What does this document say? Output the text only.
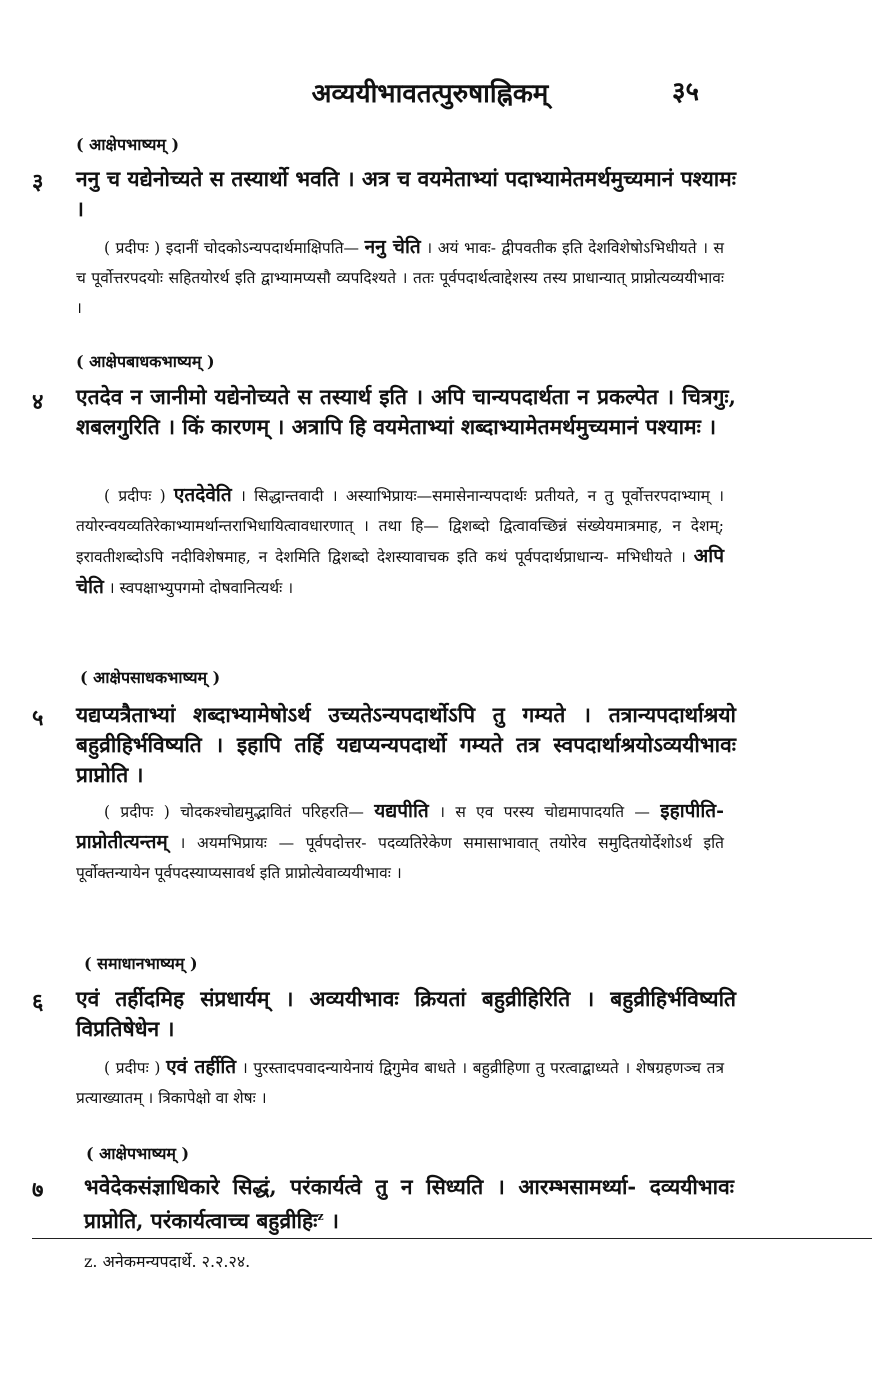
अव्ययीभावतत्पुरुषाह्निकम्	३५
( आक्षेपभाष्यम् )
३ ननु च यद्येनोच्यते स तस्यार्थो भवति । अत्र च वयमेताभ्यां पदाभ्यामेतमर्थमुच्यमानं पश्यामः ।
( प्रदीपः ) इदानीं चोदकोऽन्यपदार्थमाक्षिपति— ननु चेति । अयं भावः- द्वीपवतीक इति देशविशेषोऽभिधीयते । स च पूर्वोत्तरपदयोः सहितयोरर्थ इति द्वाभ्यामप्यसौ व्यपदिश्यते । ततः पूर्वपदार्थत्वाद्देशस्य तस्य प्राधान्यात् प्राप्नोत्यव्ययीभावः ।
( आक्षेपबाधकभाष्यम् )
४ एतदेव न जानीमो यद्येनोच्यते स तस्यार्थ इति । अपि चान्यपदार्थता न प्रकल्पेत । चित्रगुः, शबलगुरिति । किं कारणम् । अत्रापि हि वयमेताभ्यां शब्दाभ्यामेतमर्थमुच्यमानं पश्यामः ।
( प्रदीपः ) एतदेवेति । सिद्धान्तवादी । अस्याभिप्रायः—समासेनान्यपदार्थः प्रतीयते, न तु पूर्वोत्तरपदाभ्याम् । तयोरन्वयव्यतिरेकाभ्यामर्थान्तराभिधायित्वावधारणात् । तथा हि— द्विशब्दो द्वित्वावच्छिन्नं संख्येयमात्रमाह, न देशम्; इरावतीशब्दोऽपि नदीविशेषमाह, न देशमिति द्विशब्दो देशस्यावाचक इति कथं पूर्वपदार्थप्राधान्य- मभिधीयते । अपि चेति । स्वपक्षाभ्युपगमो दोषवानित्यर्थः ।
( आक्षेपसाधकभाष्यम् )
५ यद्यप्यत्रैताभ्यां शब्दाभ्यामेषोऽर्थ उच्यतेऽन्यपदार्थोऽपि तु गम्यते । तत्रान्यपदार्थाश्रयो बहुव्रीहिर्भविष्यति । इहापि तर्हि यद्यप्यन्यपदार्थो गम्यते तत्र स्वपदार्थाश्रयोऽव्ययीभावः प्राप्नोति ।
( प्रदीपः ) चोदकश्चोद्यमुद्भावितं परिहरति— यद्यपीति । स एव परस्य चोद्यमापादयति — इहापीति-प्राप्नोतीत्यन्तम् । अयमभिप्रायः — पूर्वपदोत्तर- पदव्यतिरेकेण समासाभावात् तयोरेव समुदितयोर्देशोऽर्थ इति पूर्वोक्तन्यायेन पूर्वपदस्याप्यसावर्थ इति प्राप्नोत्येवाव्ययीभावः ।
( समाधानभाष्यम् )
६ एवं तर्हीदमिह संप्रधार्यम् । अव्ययीभावः क्रियतां बहुव्रीहिरिति । बहुव्रीहिर्भविष्यति विप्रतिषेधेन ।
( प्रदीपः ) एवं तर्हीति । पुरस्तादपवादन्यायेनायं द्विगुमेव बाधते । बहुव्रीहिणा तु परत्वाद्बाध्यते । शेषग्रहणञ्च तत्र प्रत्याख्यातम् । त्रिकापेक्षो वा शेषः ।
( आक्षेपभाष्यम् )
७ भवेदेकसंज्ञाधिकारे सिद्धं, परंकार्यत्वे तु न सिध्यति । आरम्भसामर्थ्या- दव्ययीभावः प्राप्नोति, परंकार्यत्वाच्च बहुव्रीहिः$^z$ ।
z. अनेकमन्यपदार्थे. २.२.२४.
